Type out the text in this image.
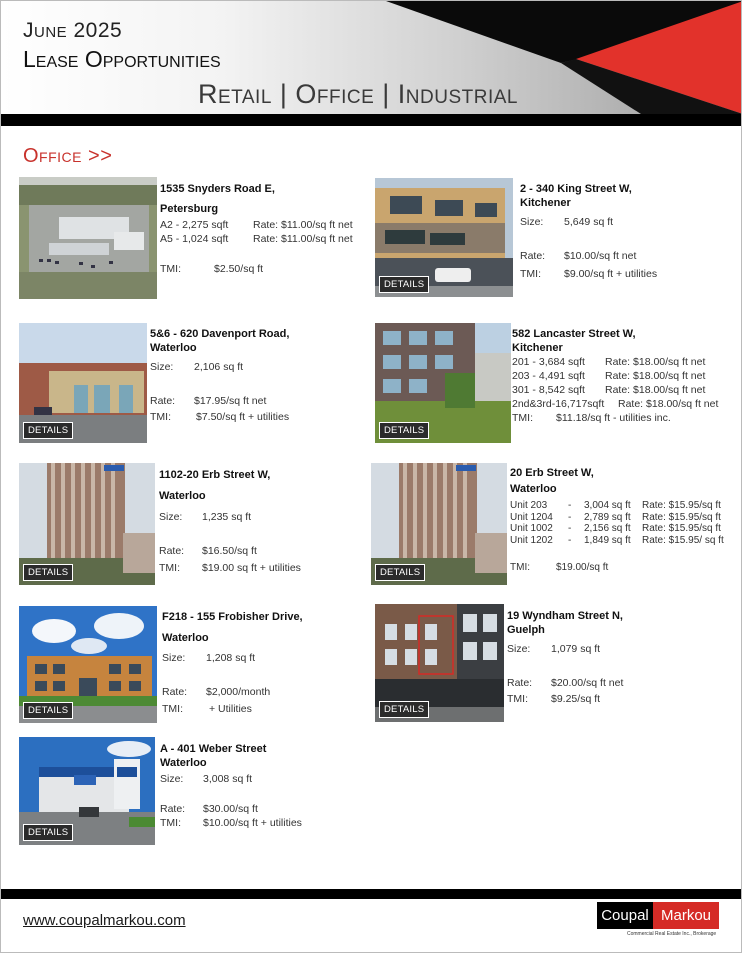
June 2025
Lease Opportunities
Retail | Office | Industrial
Office >>
1535 Snyders Road E,
Petersburg
A2 - 2,275 sqft Rate: $11.00/sq ft net
A5 - 1,024 sqft Rate: $11.00/sq ft net
TMI:	$2.50/sq ft
DETAILS
2 - 340 King Street W,
Kitchener
Size: 5,649 sq ft
Rate: $10.00/sq ft net
TMI: $9.00/sq ft + utilities
DETAILS
5&6 - 620 Davenport Road,
Waterloo
Size: 2,106 sq ft
Rate: $17.95/sq ft net
TMI: $7.50/sq ft + utilities
DETAILS
582 Lancaster Street W,
Kitchener
201 - 3,684 sqft Rate: $18.00/sq ft net
203 - 4,491 sqft Rate: $18.00/sq ft net
301 - 8,542 sqft Rate: $18.00/sq ft net
2nd&3rd-16,717sqft Rate: $18.00/sq ft net
TMI: $11.18/sq ft - utilities inc.
DETAILS
1102-20 Erb Street W,
Waterloo
Size: 1,235 sq ft
Rate: $16.50/sq ft
TMI: $19.00 sq ft + utilities	DETAILS
20 Erb Street W,
Waterloo
Unit 203 - 3,004 sq ft Rate: $15.95/sq ft
Unit 1204 - 2,789 sq ft Rate: $15.95/sq ft
Unit 1002 - 2,156 sq ft Rate: $15.95/sq ft
Unit 1202 - 1,849 sq ft Rate: $15.95/ sq ft
TMI:	$19.00/sq ft
DETAILS
F218 - 155 Frobisher Drive,
Waterloo
Size: 1,208 sq ft
Rate: $2,000/month
TMI: + Utilities	DETAILS
19 Wyndham Street N,
Guelph
Size: 1,079 sq ft
Rate: $20.00/sq ft net
TMI: $9.25/sq ft
DETAILS
A - 401 Weber Street
Waterloo
Size: 3,008 sq ft
Rate: $30.00/sq ft
TMI: $10.00/sq ft + utilities
www.coupalmarkou.com	Coupal Markou
Commercial Real Estate Inc., Brokerage
